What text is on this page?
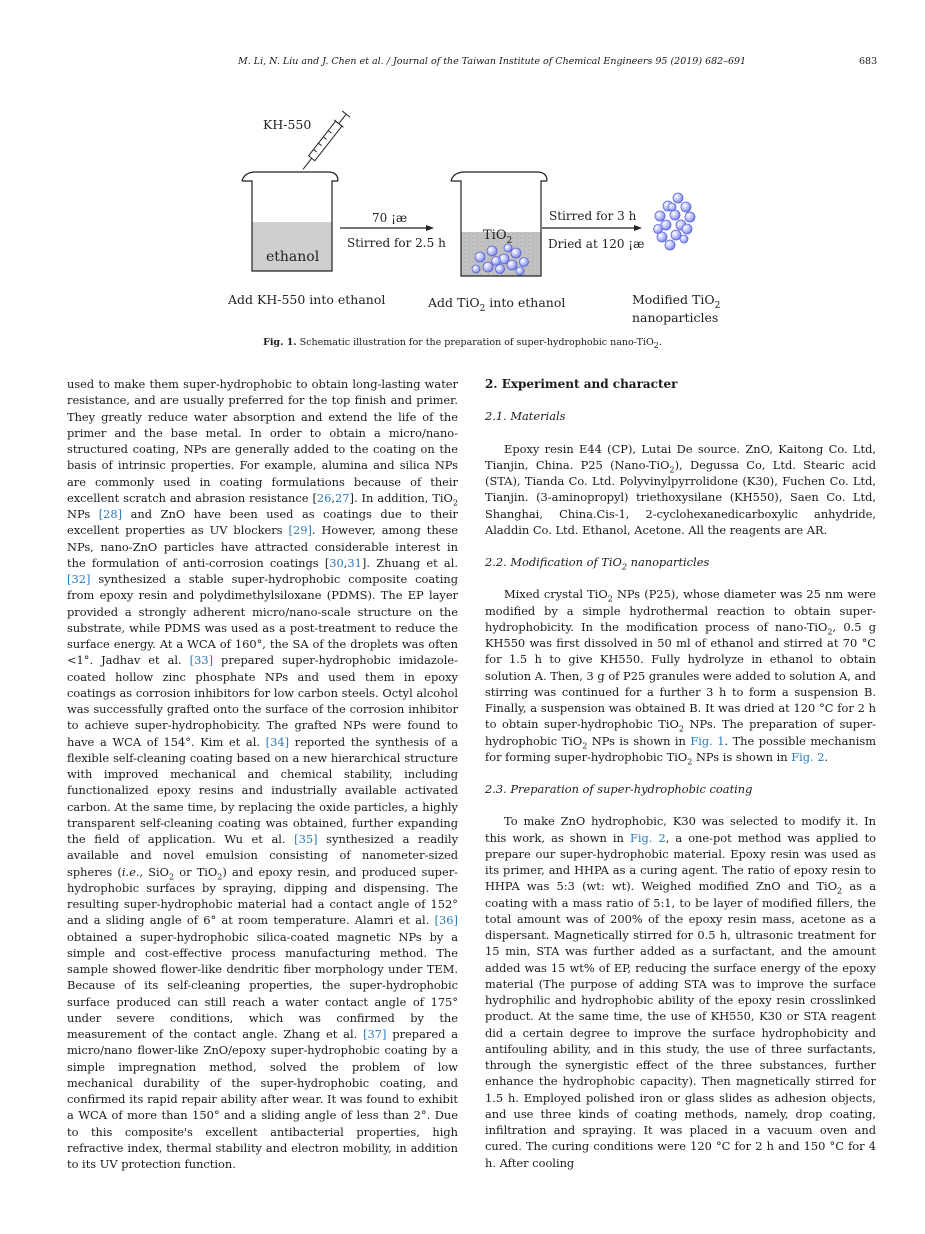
M. Li, N. Liu and J. Chen et al. / Journal of the Taiwan Institute of Chemical Engineers 95 (2019) 682–691	683
KH-550
ethanol
70 ¡æ
Stirred for 2.5 h	TiO$_2$
Stirred for 3 h
Dried at 120 ¡æ
Add KH-550 into ethanol	Add TiO$_2$ into ethanol	Modified TiO$_2$
nanoparticles
Fig. 1. Schematic illustration for the preparation of super-hydrophobic nano-TiO$_2$.

used to make them super-hydrophobic to obtain long-lasting water resistance, and are usually preferred for the top finish and primer. They greatly reduce water absorption and extend the life of the primer and the base metal. In order to obtain a micro/nano-structured coating, NPs are generally added to the coating on the basis of intrinsic properties. For example, alumina and silica NPs are commonly used in coating formulations because of their excellent scratch and abrasion resistance [26,27]. In addition, TiO$_2$ NPs [28] and ZnO have been used as coatings due to their excellent properties as UV blockers [29]. However, among these NPs, nano-ZnO particles have attracted considerable interest in the formulation of anti-corrosion coatings [30,31]. Zhuang et al. [32] synthesized a stable super-hydrophobic composite coating from epoxy resin and polydimethylsiloxane (PDMS). The EP layer provided a strongly adherent micro/nano-scale structure on the substrate, while PDMS was used as a post-treatment to reduce the surface energy. At a WCA of 160°, the SA of the droplets was often <1°. Jadhav et al. [33] prepared super-hydrophobic imidazole-coated hollow zinc phosphate NPs and used them in epoxy coatings as corrosion inhibitors for low carbon steels. Octyl alcohol was successfully grafted onto the surface of the corrosion inhibitor to achieve super-hydrophobicity. The grafted NPs were found to have a WCA of 154°. Kim et al. [34] reported the synthesis of a flexible self-cleaning coating based on a new hierarchical structure with improved mechanical and chemical stability, including functionalized epoxy resins and industrially available activated carbon. At the same time, by replacing the oxide particles, a highly transparent self-cleaning coating was obtained, further expanding the field of application. Wu et al. [35] synthesized a readily available and novel emulsion consisting of nanometer-sized spheres (i.e., SiO$_2$ or TiO$_2$) and epoxy resin, and produced super-hydrophobic surfaces by spraying, dipping and dispensing. The resulting super-hydrophobic material had a contact angle of 152° and a sliding angle of 6° at room temperature. Alamri et al. [36] obtained a super-hydrophobic silica-coated magnetic NPs by a simple and cost-effective process manufacturing method. The sample showed flower-like dendritic fiber morphology under TEM. Because of its self-cleaning properties, the super-hydrophobic surface produced can still reach a water contact angle of 175° under severe conditions, which was confirmed by the measurement of the contact angle. Zhang et al. [37] prepared a micro/nano flower-like ZnO/epoxy super-hydrophobic coating by a simple impregnation method, solved the problem of low mechanical durability of the super-hydrophobic coating, and confirmed its rapid repair ability after wear. It was found to exhibit a WCA of more than 150° and a sliding angle of less than 2°. Due to this composite's excellent antibacterial properties, high refractive index, thermal stability and electron mobility, in addition to its UV protection function.

2. Experiment and character
2.1. Materials

Epoxy resin E44 (CP), Lutai De source. ZnO, Kaitong Co. Ltd, Tianjin, China. P25 (Nano-TiO$_2$), Degussa Co, Ltd. Stearic acid (STA), Tianda Co. Ltd. Polyvinylpyrrolidone (K30), Fuchen Co. Ltd, Tianjin. (3-aminopropyl) triethoxysilane (KH550), Saen Co. Ltd, Shanghai, China.Cis-1, 2-cyclohexanedicarboxylic anhydride, Aladdin Co. Ltd. Ethanol, Acetone. All the reagents are AR.

2.2. Modification of TiO$_2$ nanoparticles

Mixed crystal TiO$_2$ NPs (P25), whose diameter was 25 nm were modified by a simple hydrothermal reaction to obtain super-hydrophobicity. In the modification process of nano-TiO$_2$, 0.5 g KH550 was first dissolved in 50 ml of ethanol and stirred at 70 °C for 1.5 h to give KH550. Fully hydrolyze in ethanol to obtain solution A. Then, 3 g of P25 granules were added to solution A, and stirring was continued for a further 3 h to form a suspension B. Finally, a suspension was obtained B. It was dried at 120 °C for 2 h to obtain super-hydrophobic TiO$_2$ NPs. The preparation of super-hydrophobic TiO$_2$ NPs is shown in Fig. 1. The possible mechanism for forming super-hydrophobic TiO$_2$ NPs is shown in Fig. 2.

2.3. Preparation of super-hydrophobic coating

To make ZnO hydrophobic, K30 was selected to modify it. In this work, as shown in Fig. 2, a one-pot method was applied to prepare our super-hydrophobic material. Epoxy resin was used as its primer, and HHPA as a curing agent. The ratio of epoxy resin to HHPA was 5:3 (wt: wt). Weighed modified ZnO and TiO$_2$ as a coating with a mass ratio of 5:1, to be layer of modified fillers, the total amount was of 200% of the epoxy resin mass, acetone as a dispersant. Magnetically stirred for 0.5 h, ultrasonic treatment for 15 min, STA was further added as a surfactant, and the amount added was 15 wt% of EP, reducing the surface energy of the epoxy material (The purpose of adding STA was to improve the surface hydrophilic and hydrophobic ability of the epoxy resin crosslinked product. At the same time, the use of KH550, K30 or STA reagent did a certain degree to improve the surface hydrophobicity and antifouling ability, and in this study, the use of three surfactants, through the synergistic effect of the three substances, further enhance the hydrophobic capacity). Then magnetically stirred for 1.5 h. Employed polished iron or glass slides as adhesion objects, and use three kinds of coating methods, namely, drop coating, infiltration and spraying. It was placed in a vacuum oven and cured. The curing conditions were 120 °C for 2 h and 150 °C for 4 h. After cooling
